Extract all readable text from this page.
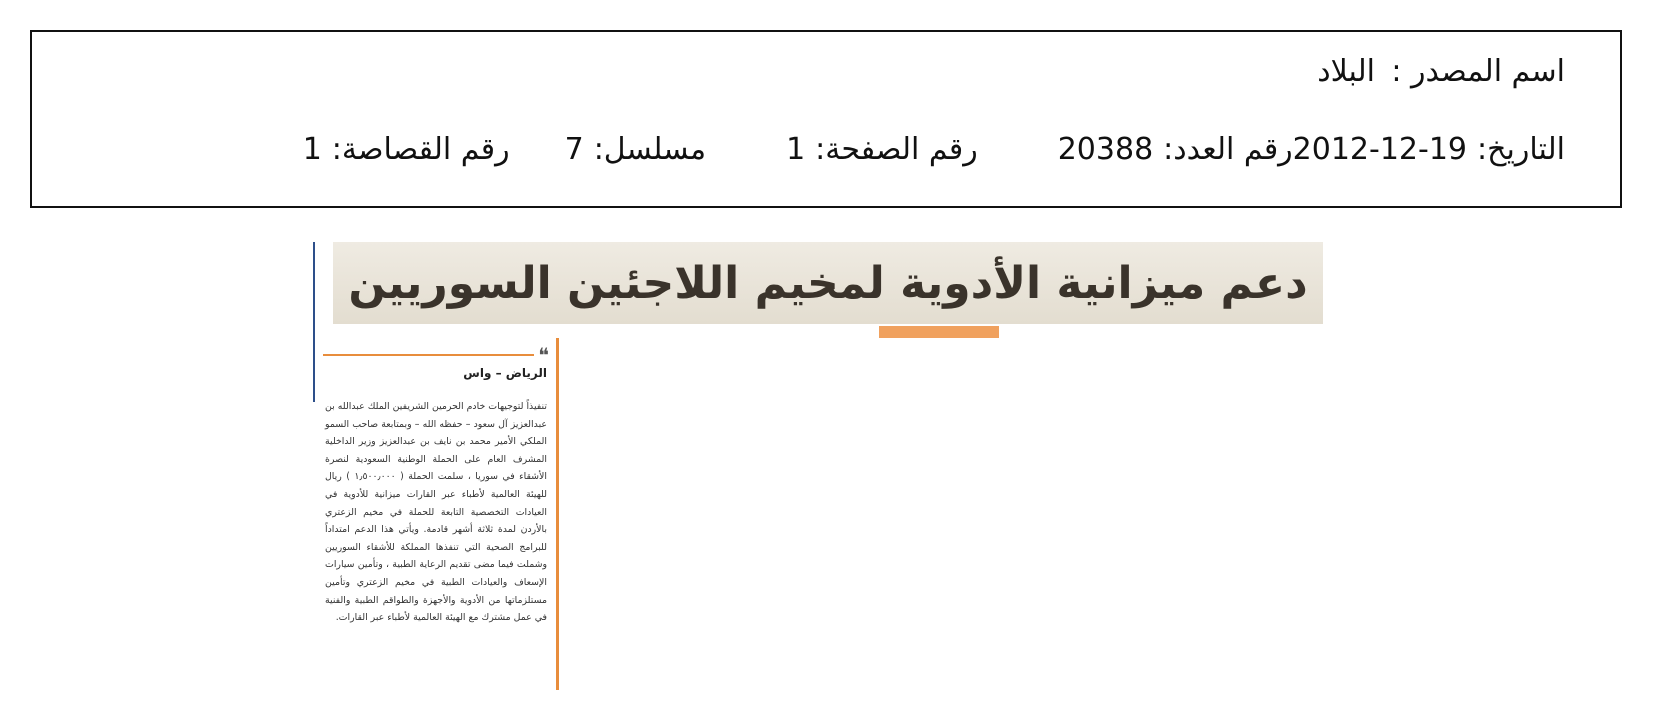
اسم المصدر :
البلاد
التاريخ:
2012-12-19
رقم العدد:
20388
رقم الصفحة:
1
مسلسل:
7
رقم القصاصة:
1
دعم ميزانية الأدوية لمخيم اللاجئين السوريين
❝
الرياض – واس

تنفيذاً لتوجيهات خادم الحرمين الشريفين الملك عبدالله بن عبدالعزيز آل سعود – حفظه الله – وبمتابعة صاحب السمو الملكي الأمير محمد بن نايف بن عبدالعزيز وزير الداخلية المشرف العام على الحملة الوطنية السعودية لنصرة الأشقاء في سوريا ، سلمت الحملة ( ١٫٥٠٠٫٠٠٠ ) ريال للهيئة العالمية لأطباء عبر القارات ميزانية للأدوية في العيادات التخصصية التابعة للحملة في مخيم الزعتري بالأردن لمدة ثلاثة أشهر قادمة. ويأتي هذا الدعم امتداداً للبرامج الصحية التي تنفذها المملكة للأشقاء السوريين وشملت فيما مضى تقديم الرعاية الطبية ، وتأمين سيارات الإسعاف والعيادات الطبية في مخيم الزعتري وتأمين مستلزماتها من الأدوية والأجهزة والطواقم الطبية والفنية في عمل مشترك مع الهيئة العالمية لأطباء عبر القارات.
